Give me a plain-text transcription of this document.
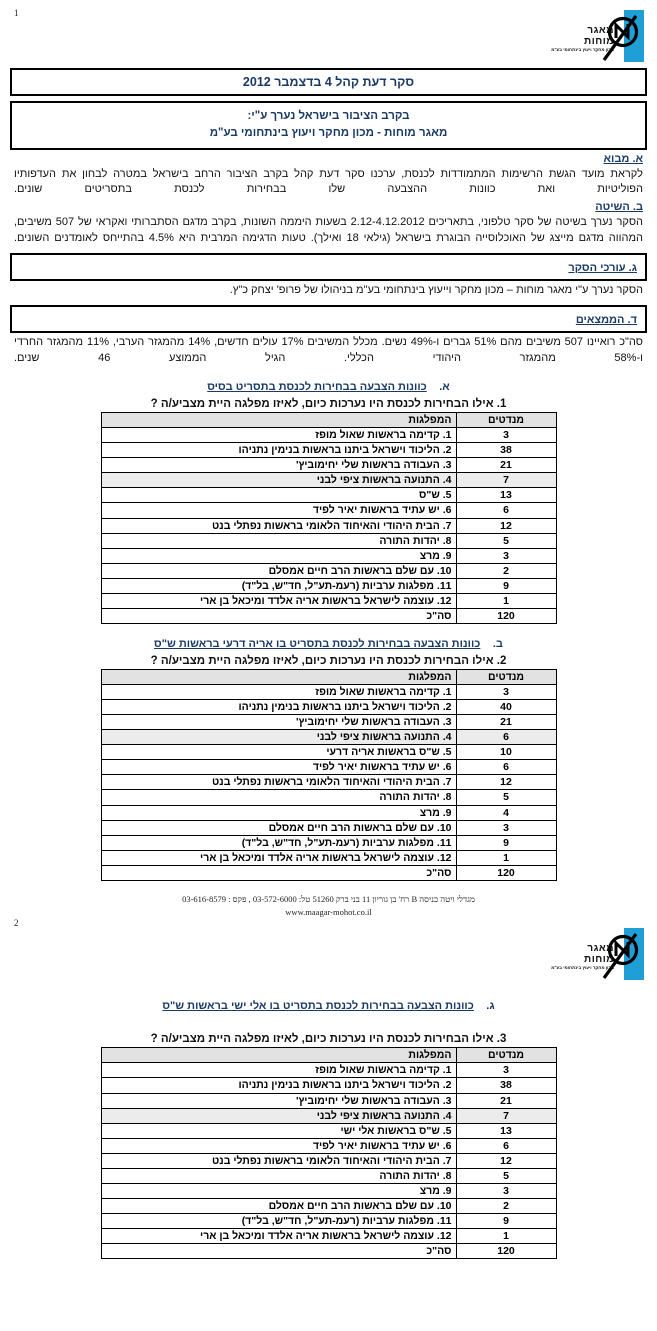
1
מאגר
מוחות
מכון מחקר ויעוץ בינתחומי בע"מ
סקר דעת קהל 4 בדצמבר 2012
בקרב הציבור בישראל נערך ע"י:
מאגר מוחות - מכון מחקר ויעוץ בינתחומי בע"מ
א. מבוא
לקראת מועד הגשת הרשימות המתמודדות לכנסת, ערכנו סקר דעת קהל בקרב הציבור הרחב בישראל במטרה לבחון את העדפותיו הפוליטיות ואת כוונות ההצבעה שלו בבחירות לכנסת בתסריטים שונים.
ב. השיטה
הסקר נערך בשיטה של סקר טלפוני, בתאריכים 2.12-4.12.2012 בשעות היממה השונות, בקרב מדגם הסתברותי ואקראי של 507 משיבים, המהווה מדגם מייצג של האוכלוסייה הבוגרת בישראל (גילאי 18 ואילך). טעות הדגימה המרבית היא 4.5% בהתייחס לאומדנים השונים.
ג. עורכי הסקר
הסקר נערך ע"י מאגר מוחות – מכון מחקר וייעוץ בינתחומי בע"מ בניהולו של פרופ' יצחק כ"ץ.
ד. הממצאים
סה"כ רואיינו 507 משיבים מהם 51% גברים ו-49% נשים. מכלל המשיבים 17% עולים חדשים, 14% מהמגזר הערבי, 11% מהמגזר החרדי ו-58% מהמגזר היהודי הכללי. הגיל הממוצע 46 שנים.
א. כוונות הצבעה בבחירות לכנסת בתסריט בסיס
1. אילו הבחירות לכנסת היו נערכות כיום, לאיזו מפלגה היית מצביע/ה ?
מנדטים	המפלגות
3	1. קדימה בראשות שאול מופז
38	2. הליכוד וישראל ביתנו בראשות בנימין נתניהו
21	3. העבודה בראשות שלי יחימוביץ'
7	4. התנועה בראשות ציפי לבני
13	5. ש"ס
6	6. יש עתיד בראשות יאיר לפיד
12	7. הבית היהודי והאיחוד הלאומי בראשות נפתלי בנט
5	8. יהדות התורה
3	9. מרצ
2	10. עם שלם בראשות הרב חיים אמסלם
9	11. מפלגות ערביות (רעמ-תע"ל, חד"ש, בל"ד)
1	12. עוצמה לישראל בראשות אריה אלדד ומיכאל בן ארי
120	סה"כ
ב. כוונות הצבעה בבחירות לכנסת בתסריט בו אריה דרעי בראשות ש"ס
2. אילו הבחירות לכנסת היו נערכות כיום, לאיזו מפלגה היית מצביע/ה ?
מנדטים	המפלגות
3	1. קדימה בראשות שאול מופז
40	2. הליכוד וישראל ביתנו בראשות בנימין נתניהו
21	3. העבודה בראשות שלי יחימוביץ'
6	4. התנועה בראשות ציפי לבני
10	5. ש"ס בראשות אריה דרעי
6	6. יש עתיד בראשות יאיר לפיד
12	7. הבית היהודי והאיחוד הלאומי בראשות נפתלי בנט
5	8. יהדות התורה
4	9. מרצ
3	10. עם שלם בראשות הרב חיים אמסלם
9	11. מפלגות ערביות (רעמ-תע"ל, חד"ש, בל"ד)
1	12. עוצמה לישראל בראשות אריה אלדד ומיכאל בן ארי
120	סה"כ
מגדלי ויטה כניסה B רח' בן גוריון 11 בני ברק 51260 טל: 03-572-6000 , פקס : 03-616-8579
www.maagar-mohot.co.il
2
מאגר
מוחות
מכון מחקר ויעוץ בינתחומי בע"מ
ג. כוונות הצבעה בבחירות לכנסת בתסריט בו אלי ישי בראשות ש"ס
3. אילו הבחירות לכנסת היו נערכות כיום, לאיזו מפלגה היית מצביע/ה ?
מנדטים	המפלגות
3	1. קדימה בראשות שאול מופז
38	2. הליכוד וישראל ביתנו בראשות בנימין נתניהו
21	3. העבודה בראשות שלי יחימוביץ'
7	4. התנועה בראשות ציפי לבני
13	5. ש"ס בראשות אלי ישי
6	6. יש עתיד בראשות יאיר לפיד
12	7. הבית היהודי והאיחוד הלאומי בראשות נפתלי בנט
5	8. יהדות התורה
3	9. מרצ
2	10. עם שלם בראשות הרב חיים אמסלם
9	11. מפלגות ערביות (רעמ-תע"ל, חד"ש, בל"ד)
1	12. עוצמה לישראל בראשות אריה אלדד ומיכאל בן ארי
120	סה"כ
